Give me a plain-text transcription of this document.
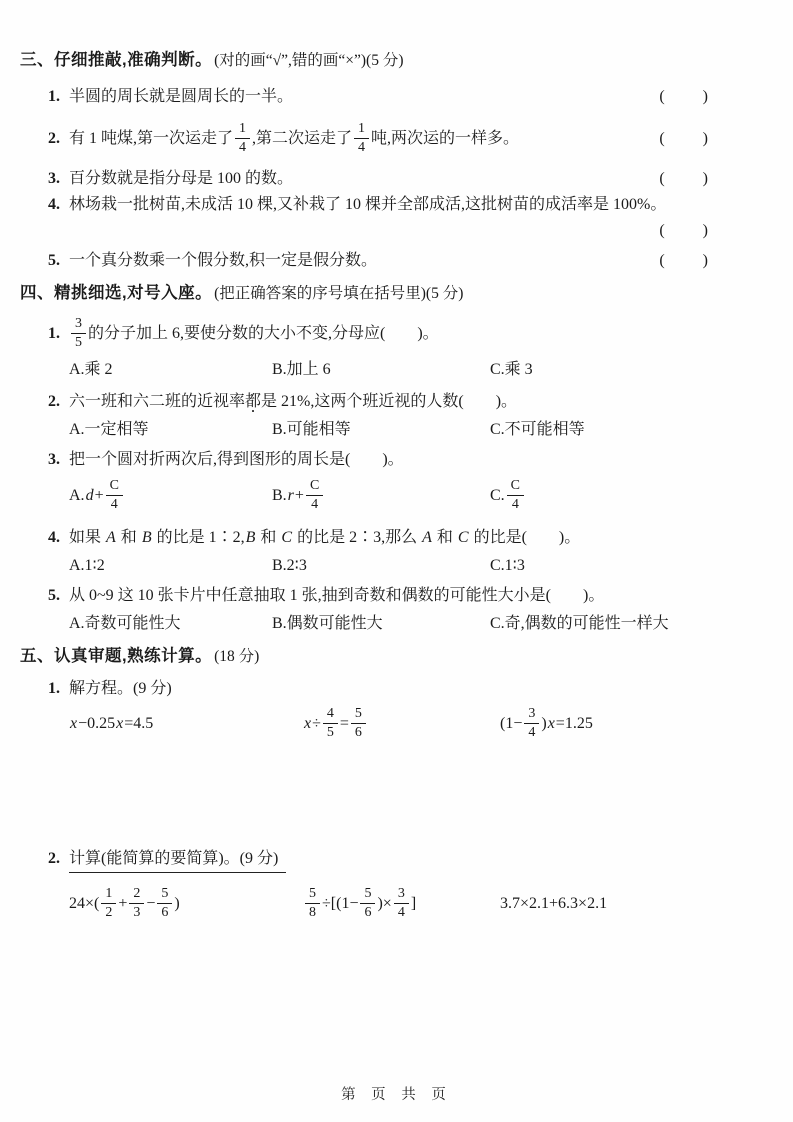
三、仔细推敲,准确判断。 (对的画“√”,错的画“×”)(5 分)
1. 半圆的周长就是圆周长的一半。	(　　)
2. 有 1 吨煤,第一次运走了 $\frac{1}{4}$ ,第二次运走了 $\frac{1}{4}$ 吨,两次运的一样多。	(　　)
3. 百分数就是指分母是 100 的数。	(　　)
4. 林场栽一批树苗,未成活 10 棵,又补栽了 10 棵并全部成活,这批树苗的成活率是 100%。
(　　)
5. 一个真分数乘一个假分数,积一定是假分数。	(　　)
四、精挑细选,对号入座。 (把正确答案的序号填在括号里)(5 分)
1. $\frac{3}{5}$ 的分子加上 6,要使分数的大小不变,分母应(　　)。
A.乘 2	B.加上 6	C.乘 3
2. 六一班和六二班的近视率都是 21%,这两个班近视的人数(　　)。
A.一定相等	B.可能相等	C.不可能相等
3. 把一个圆对折两次后,得到图形的周长是(　　)。
$A.d+ \frac{C}{4}$	$B.r+ \frac{C}{4}$	C. $\frac{C}{4}$
4. 如果 A 和 B 的比是 1∶2,B 和 C 的比是 2∶3,那么 A 和 C 的比是(　　)。
A.1∶2	B.2∶3	C.1∶3
5. 从 0~9 这 10 张卡片中任意抽取 1 张,抽到奇数和偶数的可能性大小是(　　)。
A.奇数可能性大	B.偶数可能性大	C.奇,偶数的可能性一样大
五、认真审题,熟练计算。 (18 分)
1. 解方程。(9 分)
x−0.25x=4.5	$x\div \frac{4}{5} = \frac{5}{6}$	$(1- \frac{3}{4} )x=1.25$
2. 计算(能简算的要简算)。(9 分)
$24\times( \frac{1}{2} + \frac{2}{3} - \frac{5}{6}$ )	$\frac{5}{8} \div[(1- \frac{5}{6}$ )× $\frac{3}{4}$ ]	3.7×2.1+6.3×2.1
第 页 共 页
